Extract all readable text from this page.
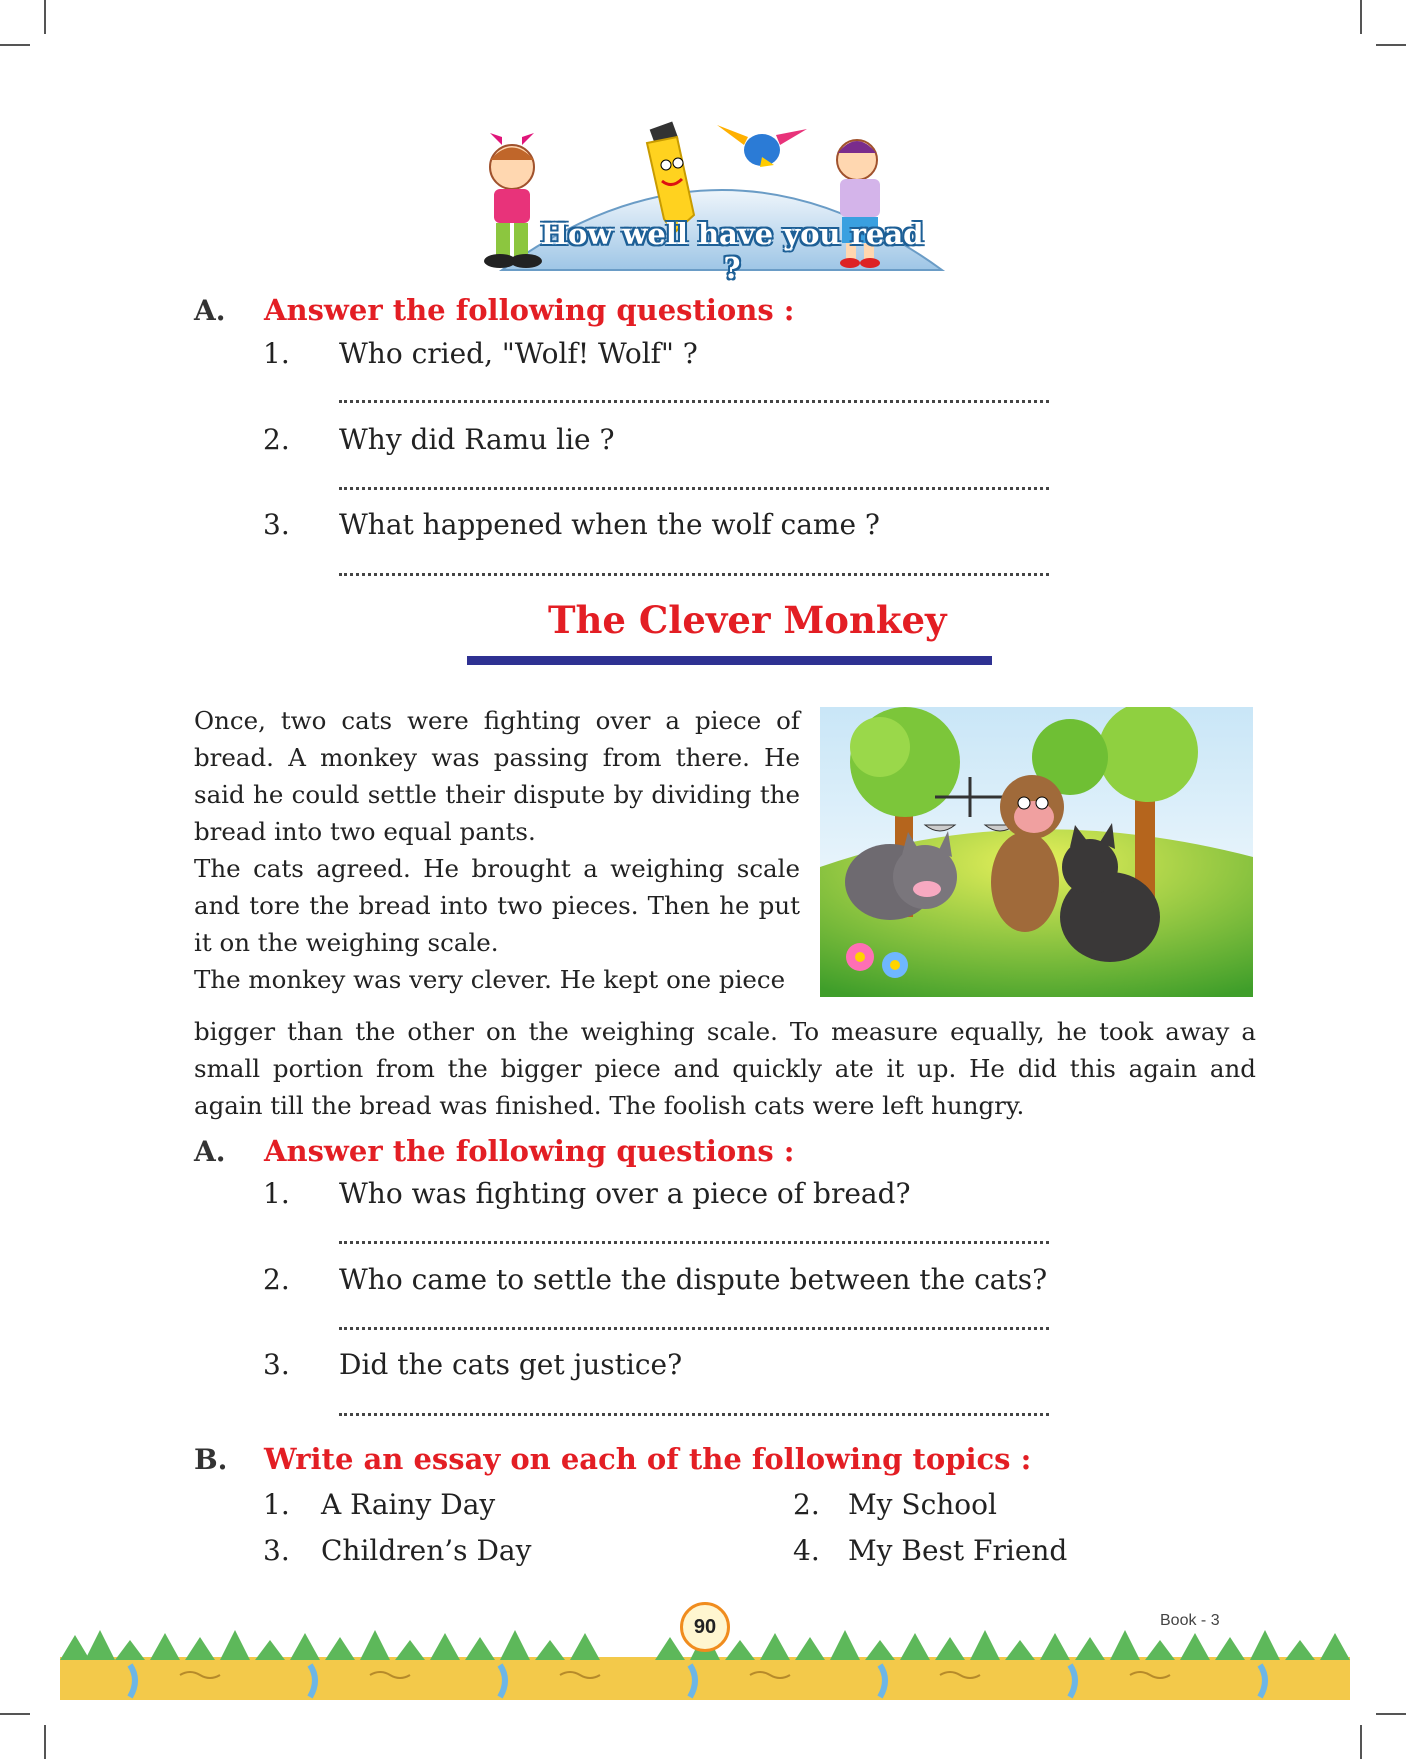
How well have you read ?
A. Answer the following questions :
1. Who cried, "Wolf! Wolf" ?
2. Why did Ramu lie ?
3. What happened when the wolf came ?
The Clever Monkey

Once, two cats were fighting over a piece of bread. A monkey was passing from there. He said he could settle their dispute by dividing the bread into two equal pants.

The cats agreed. He brought a weighing scale and tore the bread into two pieces. Then he put it on the weighing scale.

The monkey was very clever. He kept one piece

bigger than the other on the weighing scale. To measure equally, he took away a small portion from the bigger piece and quickly ate it up. He did this again and again till the bread was finished. The foolish cats were left hungry.

A. Answer the following questions :
1. Who was fighting over a piece of bread?
2. Who came to settle the dispute between the cats?
3. Did the cats get justice?
B. Write an essay on each of the following topics :
1. A Rainy Day	2. My School
3. Children’s Day	4. My Best Friend
90	Book - 3
